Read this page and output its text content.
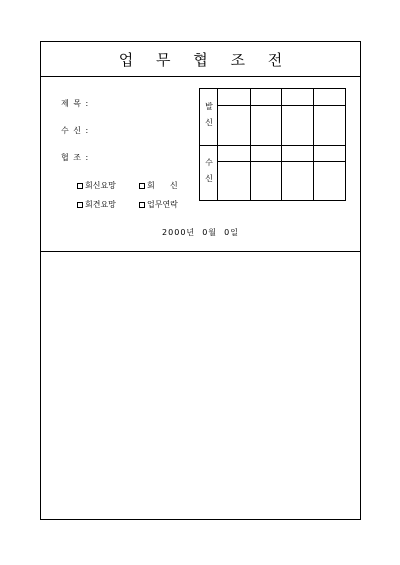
업 무 협 조 전
제 목 :
수 신 :
협 조 :
회신요망	회      신
회견요망	업무연락
2000년  0월  0일
발
신
수
신
